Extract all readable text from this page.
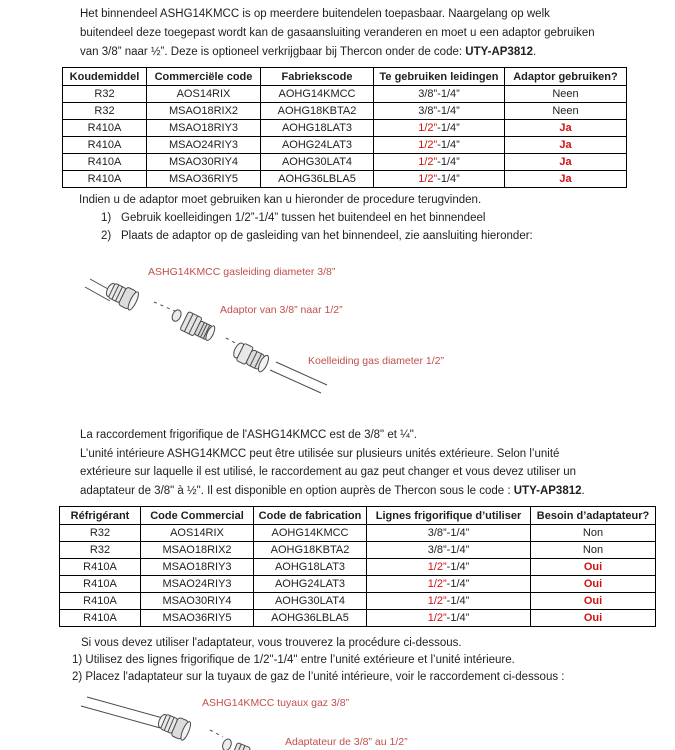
Het binnendeel ASHG14KMCC is op meerdere buitendelen toepasbaar. Naargelang op welk
buitendeel deze toegepast wordt kan de gasaansluiting veranderen en moet u een adaptor gebruiken
van 3/8” naar ½”. Deze is optioneel verkrijgbaar bij Thercon onder de code: UTY-AP3812.
Koudemiddel	Commerciële code	Fabriekscode	Te gebruiken leidingen	Adaptor gebruiken?
R32	AOS14RIX	AOHG14KMCC	3/8”-1/4”	Neen
R32	MSAO18RIX2	AOHG18KBTA2	3/8”-1/4”	Neen
R410A	MSAO18RIY3	AOHG18LAT3	1/2”-1/4”	Ja
R410A	MSAO24RIY3	AOHG24LAT3	1/2”-1/4”	Ja
R410A	MSAO30RIY4	AOHG30LAT4	1/2”-1/4”	Ja
R410A	MSAO36RIY5	AOHG36LBLA5	1/2”-1/4”	Ja
Indien u de adaptor moet gebruiken kan u hieronder de procedure terugvinden.
1) Gebruik koelleidingen 1/2”-1/4” tussen het buitendeel en het binnendeel
2) Plaats de adaptor op de gasleiding van het binnendeel, zie aansluiting hieronder:
ASHG14KMCC gasleiding diameter 3/8”
Adaptor van 3/8” naar 1/2”
Koelleiding gas diameter 1/2”
La raccordement frigorifique de l'ASHG14KMCC est de 3/8" et ¼".
L’unité intérieure ASHG14KMCC peut être utilisée sur plusieurs unités extérieure. Selon l’unité
extérieure sur laquelle il est utilisé, le raccordement au gaz peut changer et vous devez utiliser un
adaptateur de 3/8" à ½". Il est disponible en option auprès de Thercon sous le code : UTY-AP3812.
Réfrigérant	Code Commercial	Code de fabrication	Lignes frigorifique d’utiliser	Besoin d’adaptateur?
R32	AOS14RIX	AOHG14KMCC	3/8”-1/4”	Non
R32	MSAO18RIX2	AOHG18KBTA2	3/8”-1/4”	Non
R410A	MSAO18RIY3	AOHG18LAT3	1/2”-1/4”	Oui
R410A	MSAO24RIY3	AOHG24LAT3	1/2”-1/4”	Oui
R410A	MSAO30RIY4	AOHG30LAT4	1/2”-1/4”	Oui
R410A	MSAO36RIY5	AOHG36LBLA5	1/2”-1/4”	Oui
Si vous devez utiliser l'adaptateur, vous trouverez la procédure ci-dessous.
1) Utilisez des lignes frigorifique de 1/2"-1/4" entre l’unité extérieure et l’unité intérieure.
2) Placez l'adaptateur sur la tuyaux de gaz de l’unité intérieure, voir le raccordement ci-dessous :
ASHG14KMCC tuyaux gaz 3/8”
Adaptateur de 3/8” au 1/2”
